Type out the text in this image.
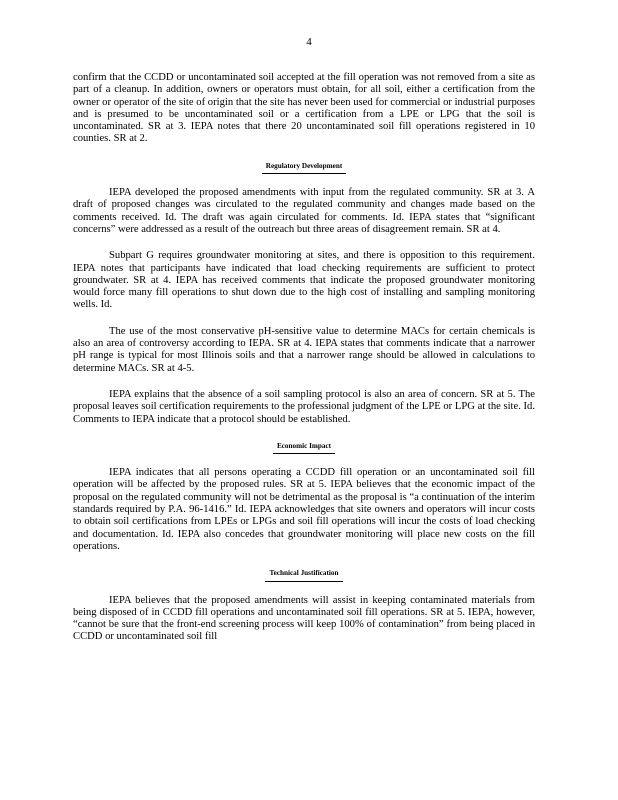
4

confirm that the CCDD or uncontaminated soil accepted at the fill operation was not removed from a site as part of a cleanup. In addition, owners or operators must obtain, for all soil, either a certification from the owner or operator of the site of origin that the site has never been used for commercial or industrial purposes and is presumed to be uncontaminated soil or a certification from a LPE or LPG that the soil is uncontaminated. SR at 3. IEPA notes that there 20 uncontaminated soil fill operations registered in 10 counties. SR at 2.

Regulatory Development

IEPA developed the proposed amendments with input from the regulated community. SR at 3. A draft of proposed changes was circulated to the regulated community and changes made based on the comments received. Id. The draft was again circulated for comments. Id. IEPA states that “significant concerns” were addressed as a result of the outreach but three areas of disagreement remain. SR at 4.

Subpart G requires groundwater monitoring at sites, and there is opposition to this requirement. IEPA notes that participants have indicated that load checking requirements are sufficient to protect groundwater. SR at 4. IEPA has received comments that indicate the proposed groundwater monitoring would force many fill operations to shut down due to the high cost of installing and sampling monitoring wells. Id.

The use of the most conservative pH-sensitive value to determine MACs for certain chemicals is also an area of controversy according to IEPA. SR at 4. IEPA states that comments indicate that a narrower pH range is typical for most Illinois soils and that a narrower range should be allowed in calculations to determine MACs. SR at 4-5.

IEPA explains that the absence of a soil sampling protocol is also an area of concern. SR at 5. The proposal leaves soil certification requirements to the professional judgment of the LPE or LPG at the site. Id. Comments to IEPA indicate that a protocol should be established.

Economic Impact

IEPA indicates that all persons operating a CCDD fill operation or an uncontaminated soil fill operation will be affected by the proposed rules. SR at 5. IEPA believes that the economic impact of the proposal on the regulated community will not be detrimental as the proposal is “a continuation of the interim standards required by P.A. 96-1416.” Id. IEPA acknowledges that site owners and operators will incur costs to obtain soil certifications from LPEs or LPGs and soil fill operations will incur the costs of load checking and documentation. Id. IEPA also concedes that groundwater monitoring will place new costs on the fill operations.

Technical Justification

IEPA believes that the proposed amendments will assist in keeping contaminated materials from being disposed of in CCDD fill operations and uncontaminated soil fill operations. SR at 5. IEPA, however, “cannot be sure that the front-end screening process will keep 100% of contamination” from being placed in CCDD or uncontaminated soil fill
